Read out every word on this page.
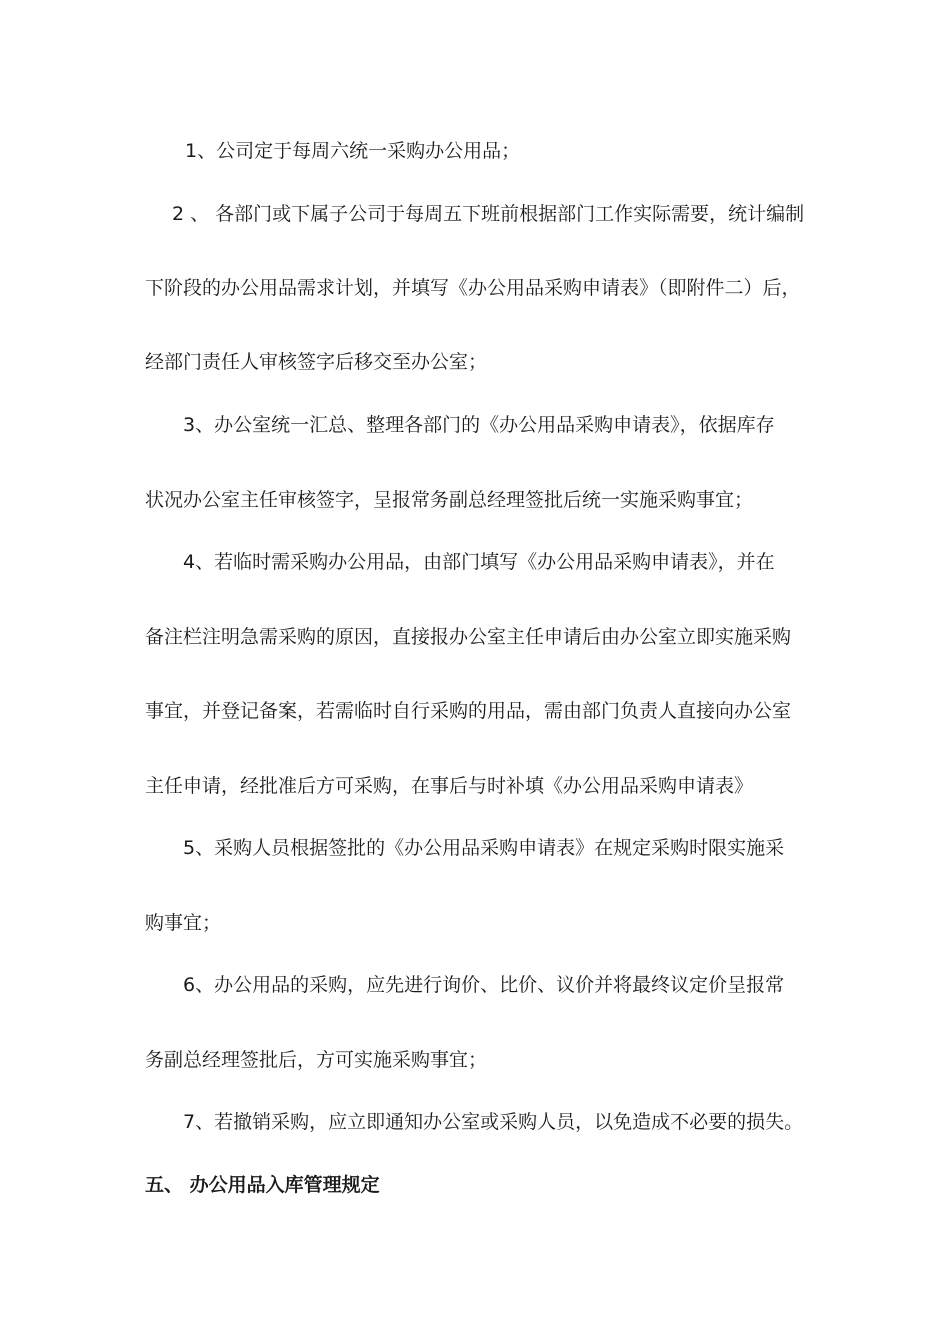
1、公司定于每周六统一采购办公用品；
2 、 各部门或下属子公司于每周五下班前根据部门工作实际需要，统计编制
下阶段的办公用品需求计划，并填写《办公用品采购申请表》（即附件二）后，
经部门责任人审核签字后移交至办公室；
3、办公室统一汇总、整理各部门的《办公用品采购申请表》，依据库存
状况办公室主任审核签字，呈报常务副总经理签批后统一实施采购事宜；
4、若临时需采购办公用品，由部门填写《办公用品采购申请表》，并在
备注栏注明急需采购的原因，直接报办公室主任申请后由办公室立即实施采购
事宜，并登记备案，若需临时自行采购的用品，需由部门负责人直接向办公室
主任申请，经批准后方可采购，在事后与时补填《办公用品采购申请表》
5、采购人员根据签批的《办公用品采购申请表》在规定采购时限实施采
购事宜；
6、办公用品的采购，应先进行询价、比价、议价并将最终议定价呈报常
务副总经理签批后，方可实施采购事宜；
7、若撤销采购，应立即通知办公室或采购人员，以免造成不必要的损失。
五、 办公用品入库管理规定
